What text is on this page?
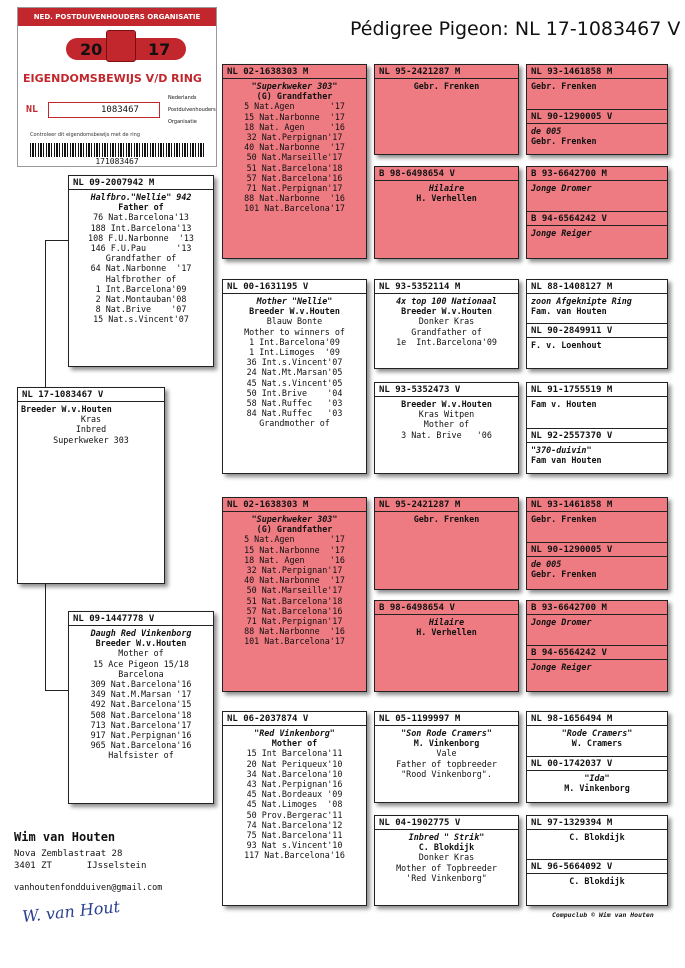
Pédigree Pigeon: NL 17-1083467 V
NED. POSTDUIVENHOUDERS ORGANISATIE
20	17
EIGENDOMSBEWIJS V/D RING
NL	1083467
Nederlands
Postduivenhouders
Organisatie
Controleer dit eigendomsbewijs met de ring
171083467
NL 17-1083467 V
Breeder W.v.Houten
Kras
Inbred
Superkweker 303
NL 09-2007942 M
Halfbro."Nellie" 942
Father of
76 Nat.Barcelona'13
188 Int.Barcelona'13
108 F.U.Narbonne  '13
146 F.U.Pau      '13
Grandfather of
64 Nat.Narbonne  '17
Halfbrother of
1 Int.Barcelona'09
2 Nat.Montauban'08
8 Nat.Brive    '07
15 Nat.s.Vincent'07
NL 09-1447778 V
Daugh Red Vinkenborg
Breeder W.v.Houten
Mother of
15 Ace Pigeon 15/18
Barcelona
309 Nat.Barcelona'16
349 Nat.M.Marsan '17
492 Nat.Barcelona'15
508 Nat.Barcelona'18
713 Nat.Barcelona'17
917 Nat.Perpignan'16
965 Nat.Barcelona'16
Halfsister of
NL 02-1638303 M
"Superkweker 303"
(G) Grandfather
5 Nat.Agen       '17
15 Nat.Narbonne  '17
18 Nat. Agen     '16
32 Nat.Perpignan'17
40 Nat.Narbonne  '17
50 Nat.Marseille'17
51 Nat.Barcelona'18
57 Nat.Barcelona'16
71 Nat.Perpignan'17
88 Nat.Narbonne  '16
101 Nat.Barcelona'17
NL 00-1631195 V
Mother "Nellie"
Breeder W.v.Houten
Blauw Bonte
Mother to winners of
1 Int.Barcelona'09
1 Int.Limoges  '09
36 Int.s.Vincent'07
24 Nat.Mt.Marsan'05
45 Nat.s.Vincent'05
50 Int.Brive    '04
58 Nat.Ruffec   '03
84 Nat.Ruffec   '03
Grandmother of
NL 02-1638303 M
"Superkweker 303"
(G) Grandfather
5 Nat.Agen       '17
15 Nat.Narbonne  '17
18 Nat. Agen     '16
32 Nat.Perpignan'17
40 Nat.Narbonne  '17
50 Nat.Marseille'17
51 Nat.Barcelona'18
57 Nat.Barcelona'16
71 Nat.Perpignan'17
88 Nat.Narbonne  '16
101 Nat.Barcelona'17
NL 06-2037874 V
"Red Vinkenborg"
Mother of
15 Int Barcelona'11
20 Nat Periqueux'10
34 Nat.Barcelona'10
43 Nat.Perpignan'16
45 Nat.Bordeaux '09
45 Nat.Limoges  '08
50 Prov.Bergerac'11
74 Nat.Barcelona'12
75 Nat.Barcelona'11
93 Nat s.Vincent'10
117 Nat.Barcelona'16
NL 95-2421287 M
Gebr. Frenken
B 98-6498654 V
Hilaire
H. Verhellen
NL 93-5352114 M
4x top 100 Nationaal
Breeder W.v.Houten
Donker Kras
Grandfather of
1e  Int.Barcelona'09
NL 93-5352473 V
Breeder W.v.Houten
Kras Witpen
Mother of
3 Nat. Brive   '06
NL 95-2421287 M
Gebr. Frenken
B 98-6498654 V
Hilaire
H. Verhellen
NL 05-1199997 M
"Son Rode Cramers"
M. Vinkenborg
Vale
Father of topbreeder
"Rood Vinkenborg".
NL 04-1902775 V
Inbred " Strik"
C. Blokdijk
Donker Kras
Mother of Topbreeder
'Red Vinkenborg"
NL 93-1461858 M
Gebr. Frenken
NL 90-1290005 V
de 005
Gebr. Frenken
B 93-6642700 M
Jonge Dromer
B 94-6564242 V
Jonge Reiger
NL 88-1408127 M
zoon Afgeknipte Ring
Fam. van Houten
NL 90-2849911 V
F. v. Loenhout
NL 91-1755519 M
Fam v. Houten
NL 92-2557370 V
"370-duivin"
Fam van Houten
NL 93-1461858 M
Gebr. Frenken
NL 90-1290005 V
de 005
Gebr. Frenken
B 93-6642700 M
Jonge Dromer
B 94-6564242 V
Jonge Reiger
NL 98-1656494 M
"Rode Cramers"
W. Cramers
NL 00-1742037 V
"Ida"
M. Vinkenborg
NL 97-1329394 M
C. Blokdijk
NL 96-5664092 V
C. Blokdijk
Wim van Houten
Nova Zemblastraat 28
3401 ZT	IJsselstein
vanhoutenfondduiven@gmail.com
W. van Hout	Compuclub © Wim van Houten
